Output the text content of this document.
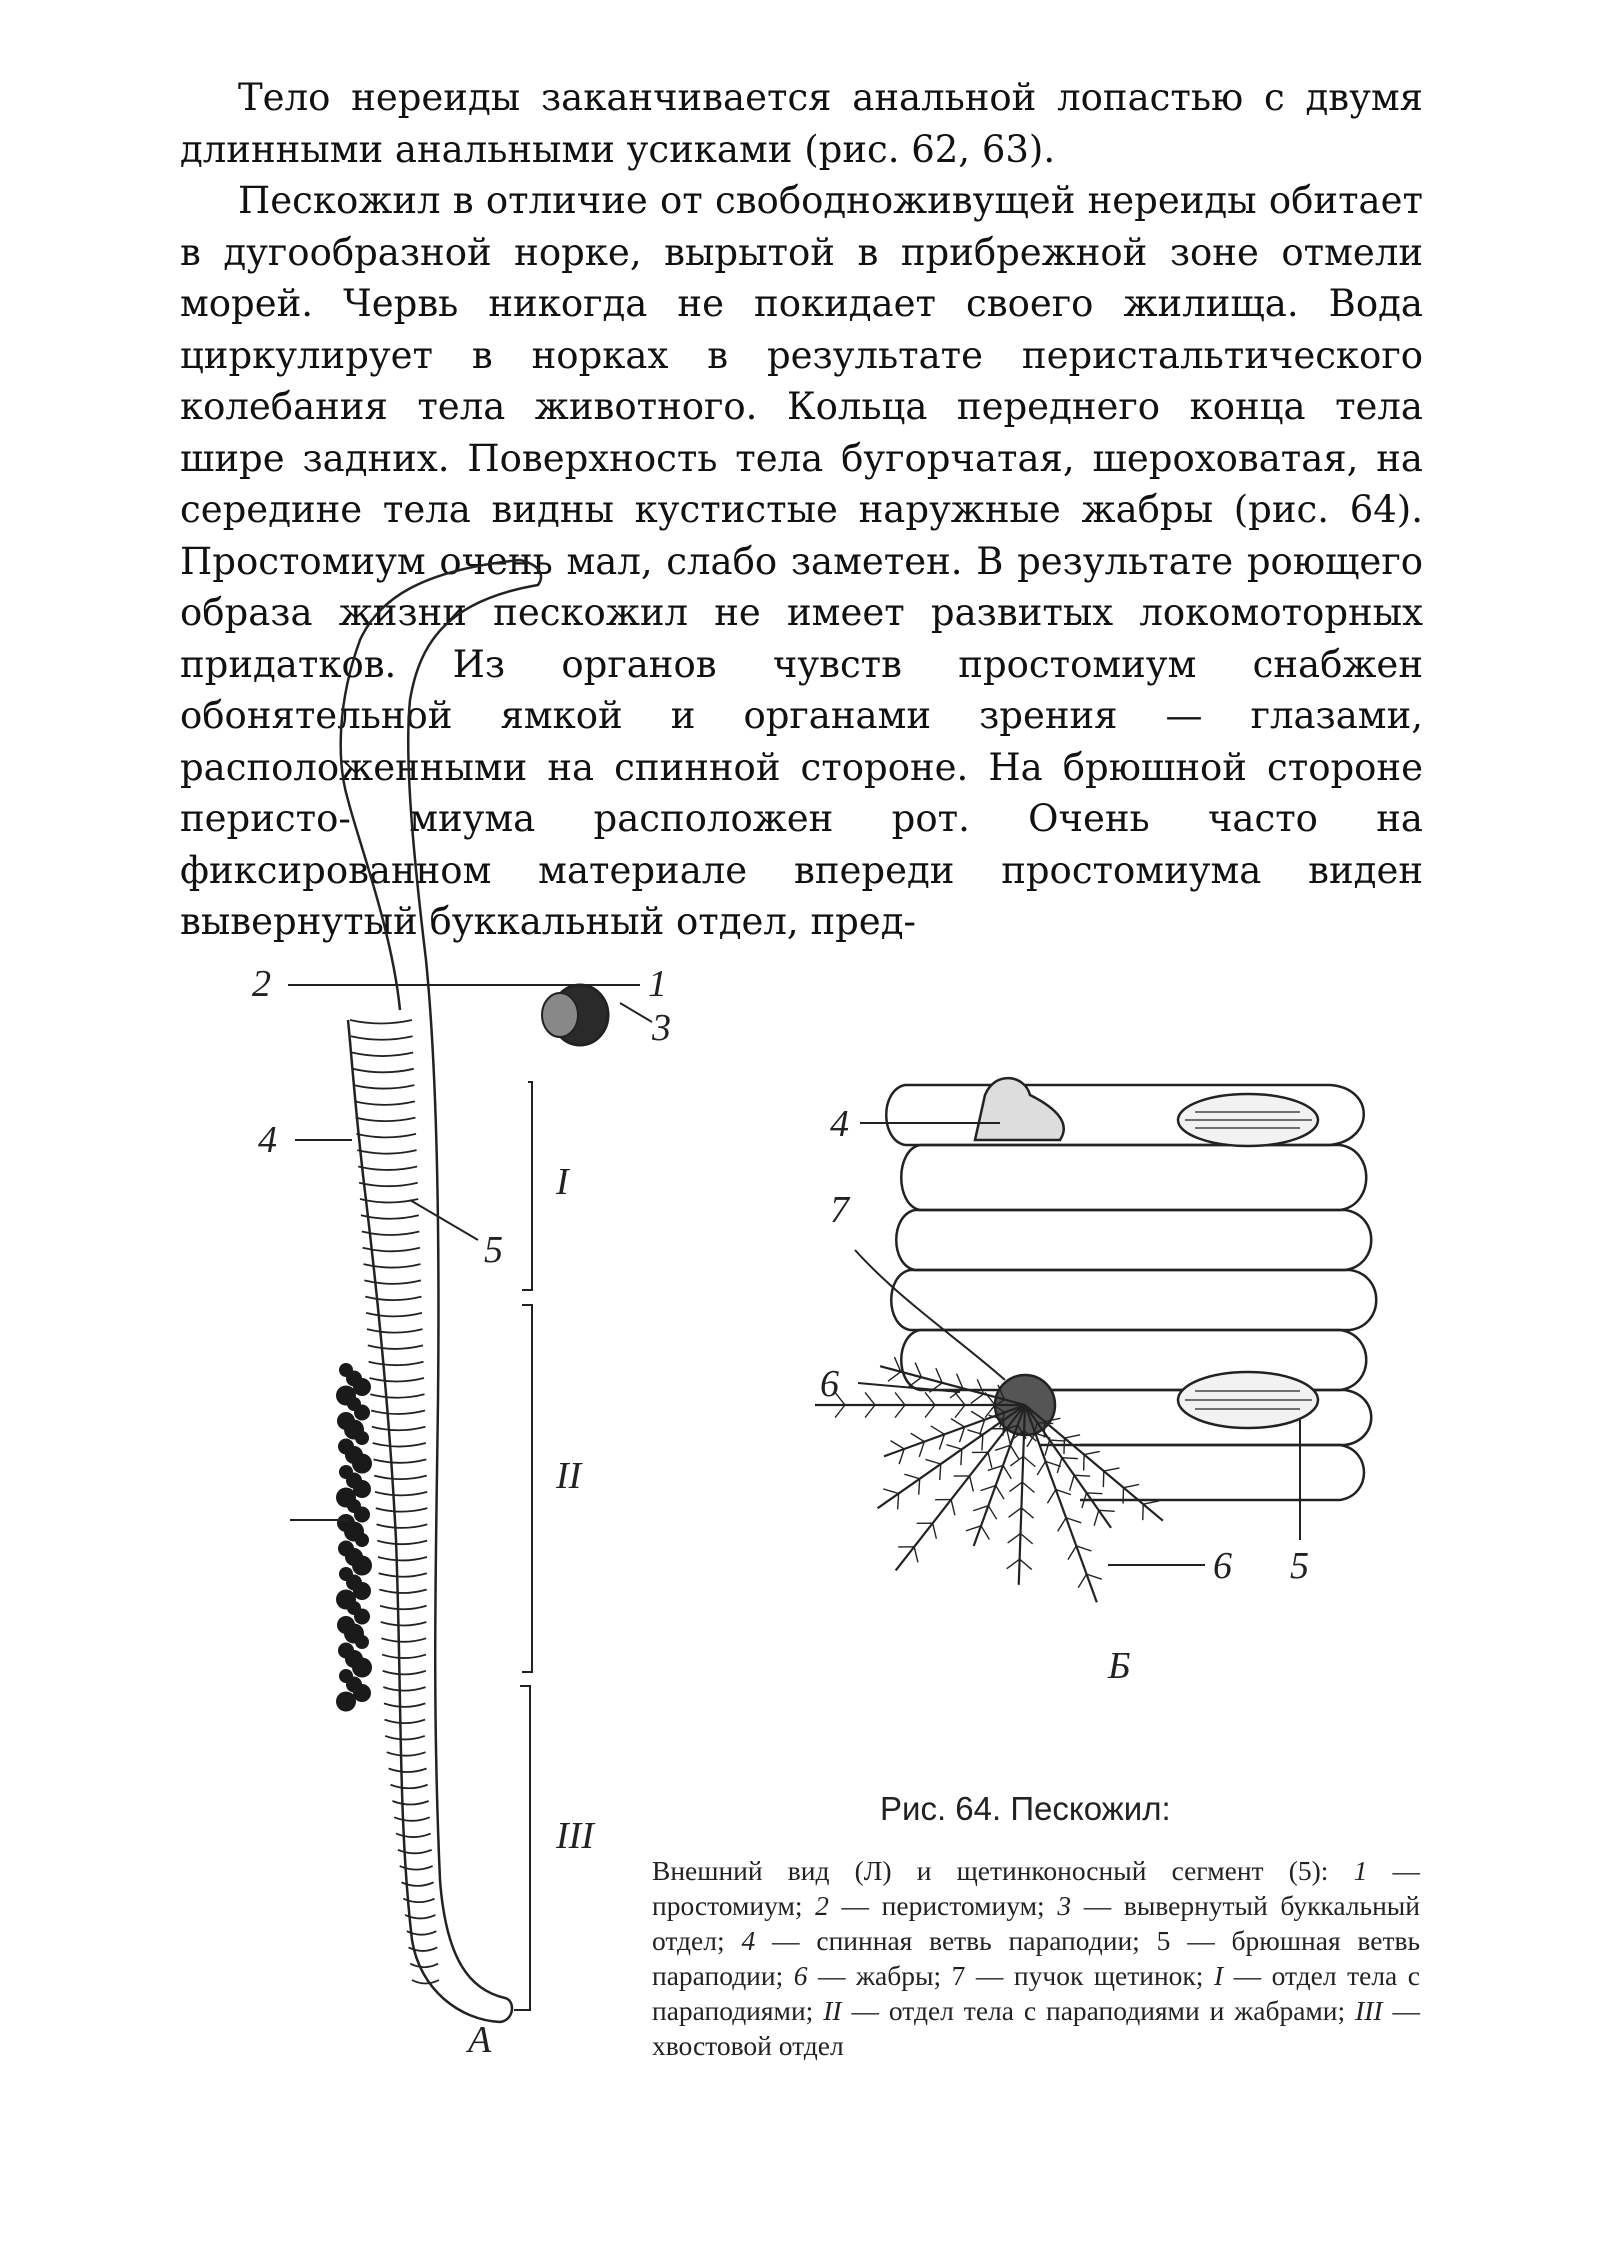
Тело нереиды заканчивается анальной лопастью с двумя длинными анальными усиками (рис. 62, 63).

Пескожил в отличие от свободноживущей нереиды обитает в дугообразной норке, вырытой в прибрежной зоне отмели морей. Червь никогда не покидает своего жилища. Вода циркулирует в норках в результате перистальтического колебания тела животного. Кольца переднего конца тела шире задних. Поверхность тела бугорчатая, шероховатая, на середине тела видны кустистые наружные жабры (рис. 64). Простомиум очень мал, слабо заметен. В результате роющего образа жизни пескожил не имеет развитых локомоторных придатков. Из органов чувств простомиум снабжен обонятельной ямкой и органами зрения — глазами, расположенными на спинной стороне. На брюшной стороне перисто- миума расположен рот. Очень часто на фиксированном материале впереди простомиума виден вывернутый буккальный отдел, пред-

2	1
3
4
5
I
II
III
A
4
7
6
6 5
Б
Рис. 64. Пескожил:

Внешний вид (Л) и щетинконосный сегмент (5): 1 — простомиум; 2 — перистомиум; 3 — вывернутый буккальный отдел; 4 — спинная ветвь параподии; 5 — брюшная ветвь параподии; 6 — жабры; 7 — пучок щетинок; I — отдел тела с параподиями; II — отдел тела с параподиями и жабрами; III — хвостовой отдел
